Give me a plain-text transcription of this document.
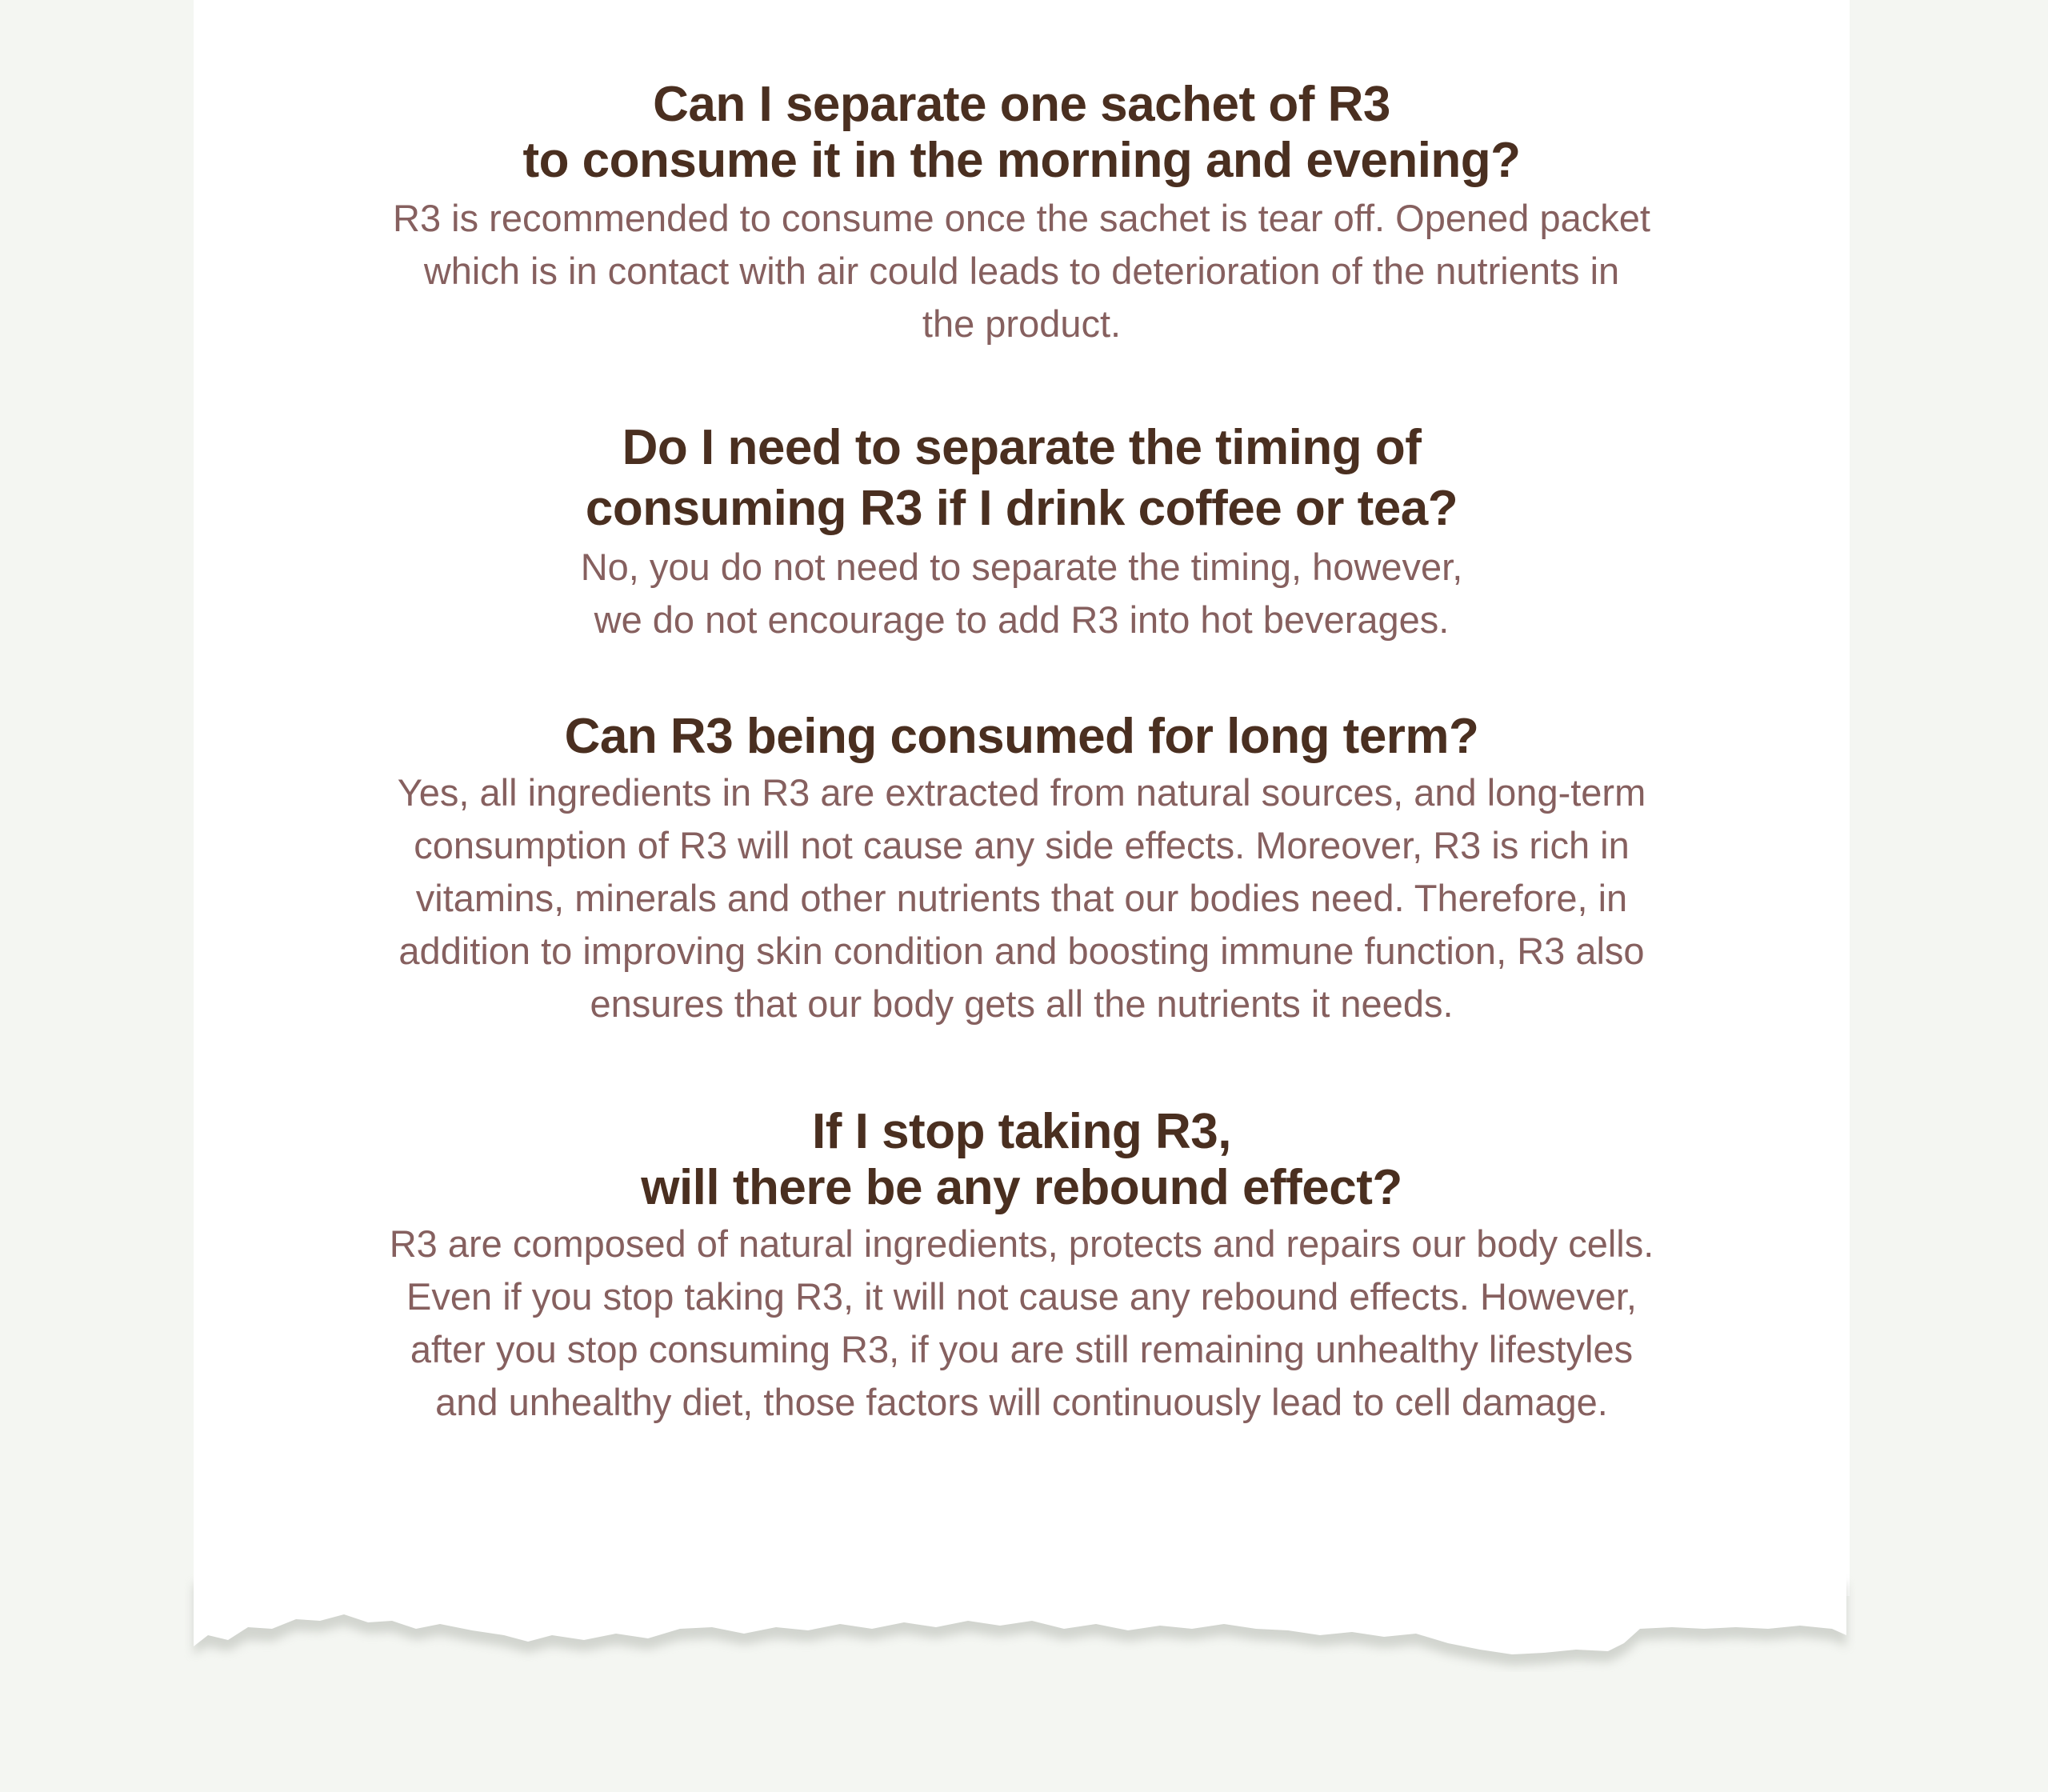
Can I separate one sachet of R3
to consume it in the morning and evening?

R3 is recommended to consume once the sachet is tear off. Opened packet
which is in contact with air could leads to deterioration of the nutrients in
the product.

Do I need to separate the timing of
consuming R3 if I drink coffee or tea?

No, you do not need to separate the timing, however,
we do not encourage to add R3 into hot beverages.

Can R3 being consumed for long term?

Yes, all ingredients in R3 are extracted from natural sources, and long-term
consumption of R3 will not cause any side effects. Moreover, R3 is rich in
vitamins, minerals and other nutrients that our bodies need. Therefore, in
addition to improving skin condition and boosting immune function, R3 also
ensures that our body gets all the nutrients it needs.

If I stop taking R3,
will there be any rebound effect?

R3 are composed of natural ingredients, protects and repairs our body cells.
Even if you stop taking R3, it will not cause any rebound effects. However,
after you stop consuming R3, if you are still remaining unhealthy lifestyles
and unhealthy diet, those factors will continuously lead to cell damage.
